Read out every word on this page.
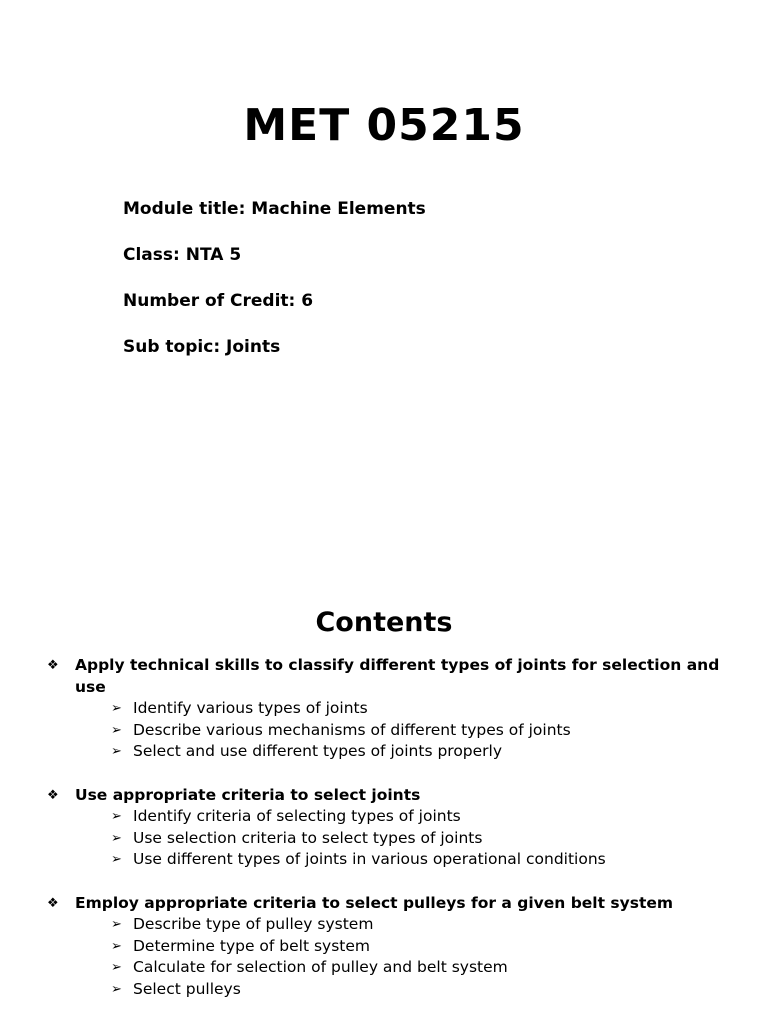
MET 05215
Module title: Machine Elements
Class: NTA 5
Number of Credit: 6
Sub topic: Joints
Contents
❖ Apply technical skills to classify different types of joints for selection and use
➢ Identify various types of joints
➢ Describe various mechanisms of different types of joints
➢ Select and use different types of joints properly
❖ Use appropriate criteria to select joints
➢ Identify criteria of selecting types of joints
➢ Use selection criteria to select types of joints
➢ Use different types of joints in various operational conditions
❖ Employ appropriate criteria to select pulleys for a given belt system
➢ Describe type of pulley system
➢ Determine type of belt system
➢ Calculate for selection of pulley and belt system
➢ Select pulleys
